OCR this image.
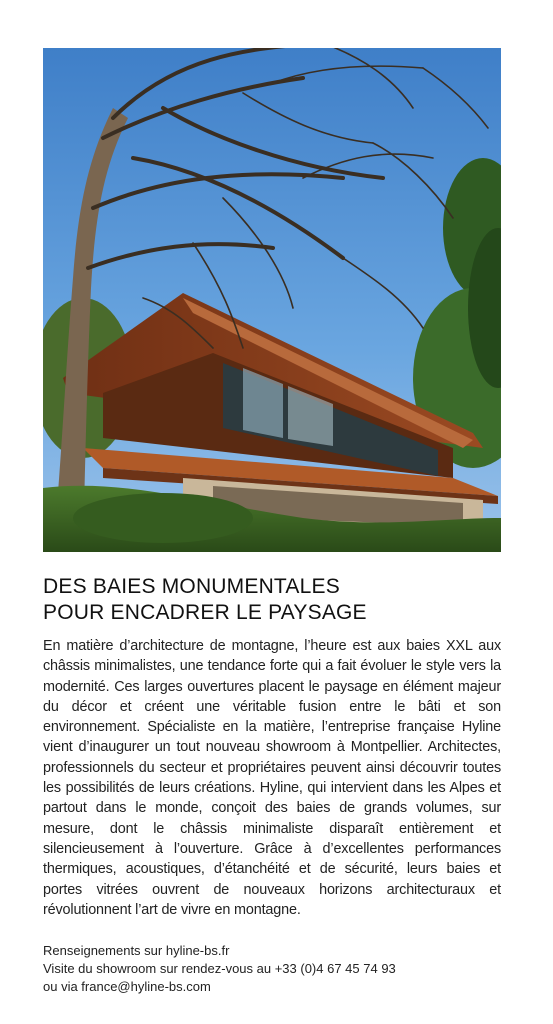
DES BAIES MONUMENTALES
POUR ENCADRER LE PAYSAGE

En matière d’architecture de montagne, l’heure est aux baies XXL aux châssis minimalistes, une tendance forte qui a fait évoluer le style vers la modernité. Ces larges ouvertures placent le paysage en élément majeur du décor et créent une véritable fusion entre le bâti et son environnement. Spécialiste en la matière, l’entreprise française Hyline vient d’inaugurer un tout nouveau showroom à Montpellier. Architectes, professionnels du secteur et propriétaires peuvent ainsi découvrir toutes les possibilités de leurs créations. Hyline, qui intervient dans les Alpes et partout dans le monde, conçoit des baies de grands volumes, sur mesure, dont le châssis minimaliste disparaît entièrement et silencieusement à l’ouverture. Grâce à d’excellentes performances thermiques, acoustiques, d’étanchéité et de sécurité, leurs baies et portes vitrées ouvrent de nouveaux horizons architecturaux et révolutionnent l’art de vivre en montagne.

Renseignements sur hyline-bs.fr
Visite du showroom sur rendez-vous au +33 (0)4 67 45 74 93
ou via france@hyline-bs.com
